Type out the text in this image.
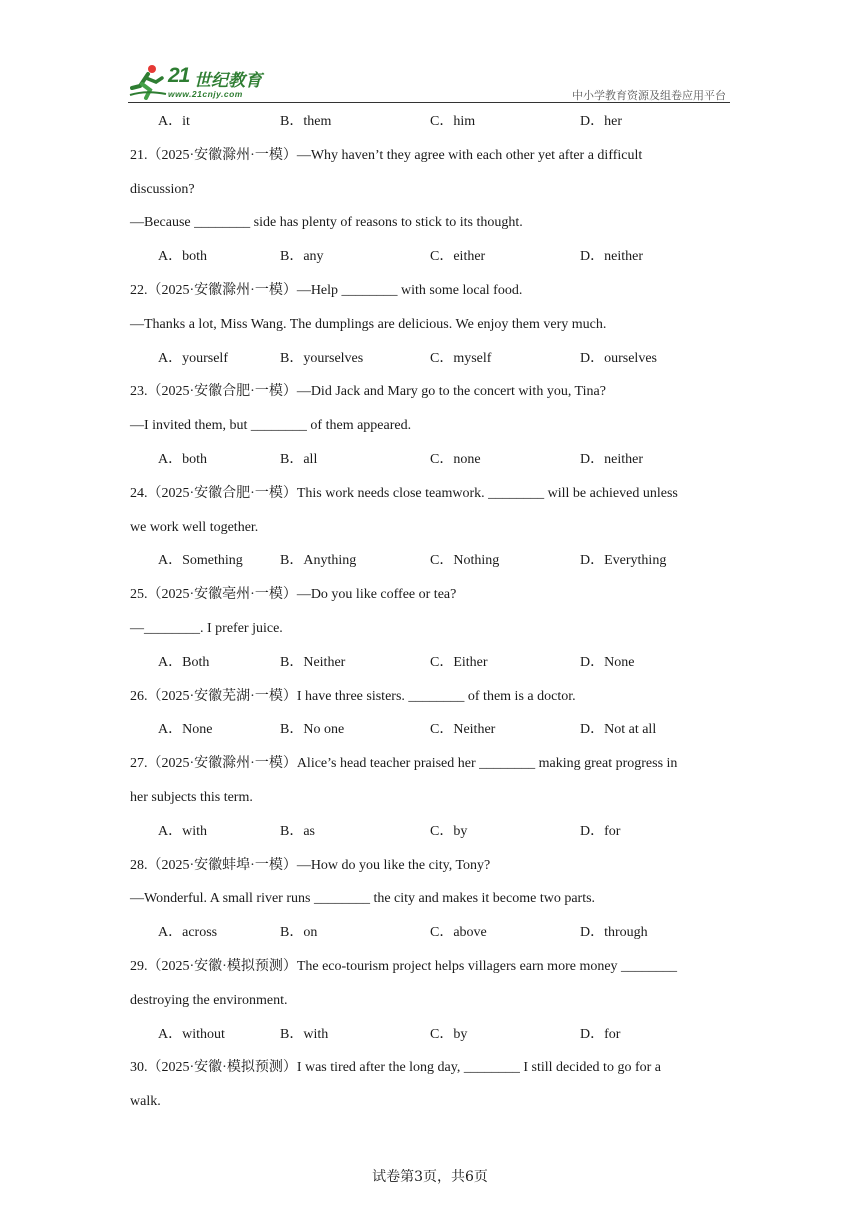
21 世纪教育
www.21cnjy.com	中小学教育资源及组卷应用平台
A．it	B．them	C．him	D．her
21.（2025·安徽滁州·一模）—Why haven’t they agree with each other yet after a difficult
discussion?
—Because ________ side has plenty of reasons to stick to its thought.
A．both	B．any	C．either	D．neither
22.（2025·安徽滁州·一模）—Help ________ with some local food.
—Thanks a lot, Miss Wang. The dumplings are delicious. We enjoy them very much.
A．yourself	B．yourselves	C．myself	D．ourselves
23.（2025·安徽合肥·一模）—Did Jack and Mary go to the concert with you, Tina?
—I invited them, but ________ of them appeared.
A．both	B．all	C．none	D．neither
24.（2025·安徽合肥·一模）This work needs close teamwork. ________ will be achieved unless
we work well together.
A．Something	B．Anything	C．Nothing	D．Everything
25.（2025·安徽亳州·一模）—Do you like coffee or tea?
—________. I prefer juice.
A．Both	B．Neither	C．Either	D．None
26.（2025·安徽芜湖·一模）I have three sisters. ________ of them is a doctor.
A．None	B．No one	C．Neither	D．Not at all
27.（2025·安徽滁州·一模）Alice’s head teacher praised her ________ making great progress in
her subjects this term.
A．with	B．as	C．by	D．for
28.（2025·安徽蚌埠·一模）—How do you like the city, Tony?
—Wonderful. A small river runs ________ the city and makes it become two parts.
A．across	B．on	C．above	D．through
29.（2025·安徽·模拟预测）The eco-tourism project helps villagers earn more money ________
destroying the environment.
A．without	B．with	C．by	D．for
30.（2025·安徽·模拟预测）I was tired after the long day, ________ I still decided to go for a
walk.
试卷第3页，共6页
